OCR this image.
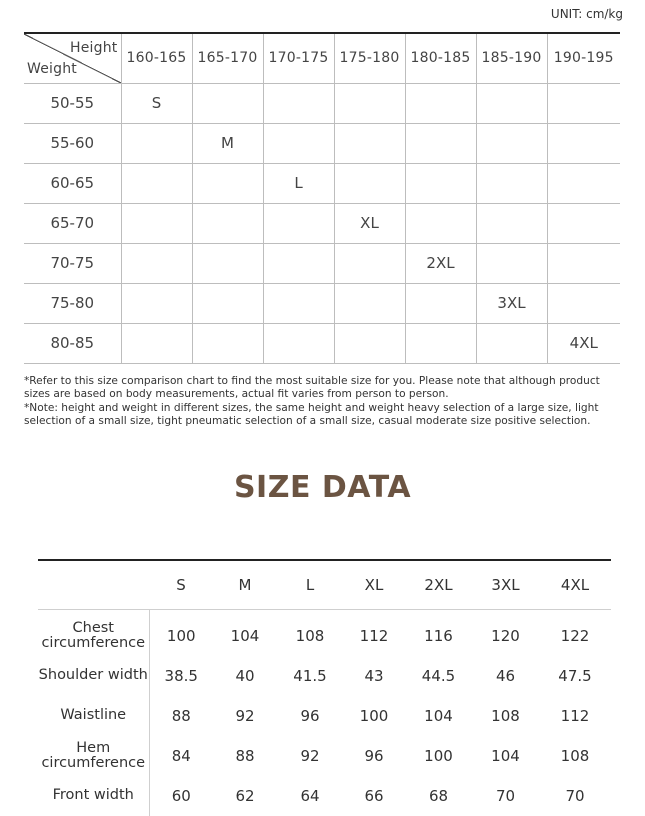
UNIT: cm/kg
Height
Weight	160-165	165-170	170-175	175-180	180-185	185-190	190-195
50-55	S						
55-60		M					
60-65			L				
65-70				XL			
70-75					2XL		
75-80						3XL	
80-85							4XL

*Refer to this size comparison chart to find the most suitable size for you. Please note that although product sizes are based on body measurements, actual fit varies from person to person.

*Note: height and weight in different sizes, the same height and weight heavy selection of a large size, light selection of a small size, tight pneumatic selection of a small size, casual moderate size positive selection.

SIZE DATA
	S	M	L	XL	2XL	3XL	4XL

Chest circumference	100	104	108	112	116	120	122
Shoulder width	38.5	40	41.5	43	44.5	46	47.5
Waistline	88	92	96	100	104	108	112
Hem circumference	84	88	92	96	100	104	108
Front width	60	62	64	66	68	70	70
